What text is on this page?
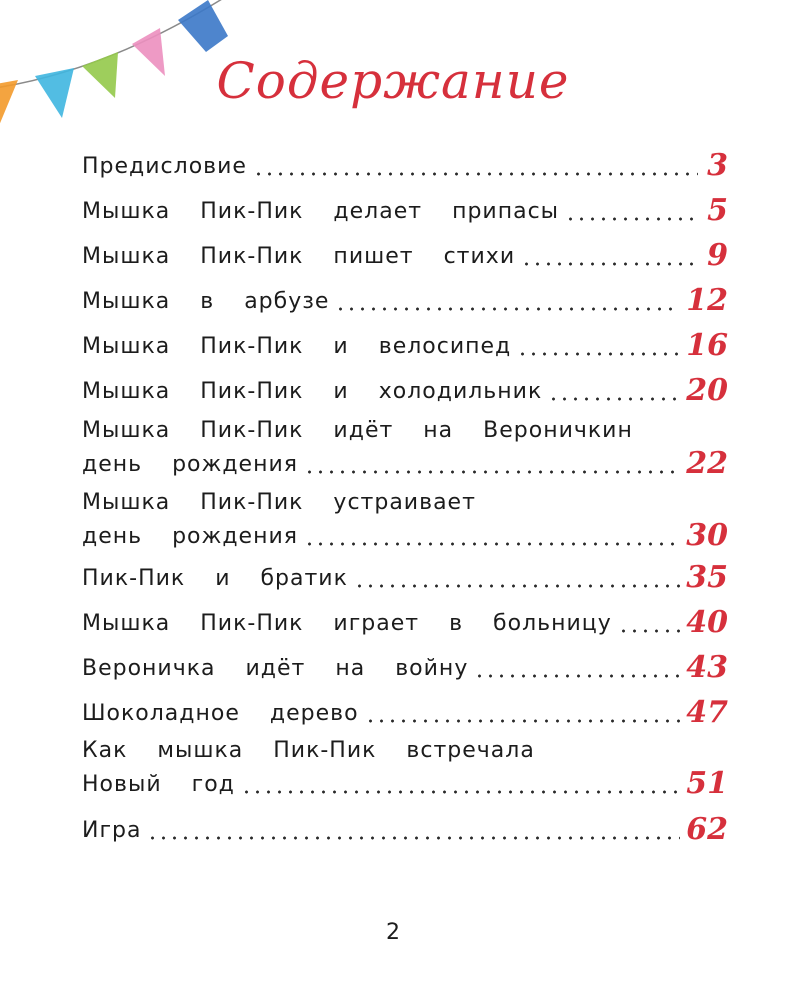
Содержание
Предисловие	3
Мышка Пик-Пик делает припасы	5
Мышка Пик-Пик пишет стихи	9
Мышка в арбузе	12
Мышка Пик-Пик и велосипед	16
Мышка Пик-Пик и холодильник	20
Мышка Пик-Пик идёт на Вероничкин
день рождения	22
Мышка Пик-Пик устраивает
день рождения	30
Пик-Пик и братик	35
Мышка Пик-Пик играет в больницу 40
Вероничка идёт на войну	43
Шоколадное дерево	47
Как мышка Пик-Пик встречала
Новый год	51
Игра	62
2
